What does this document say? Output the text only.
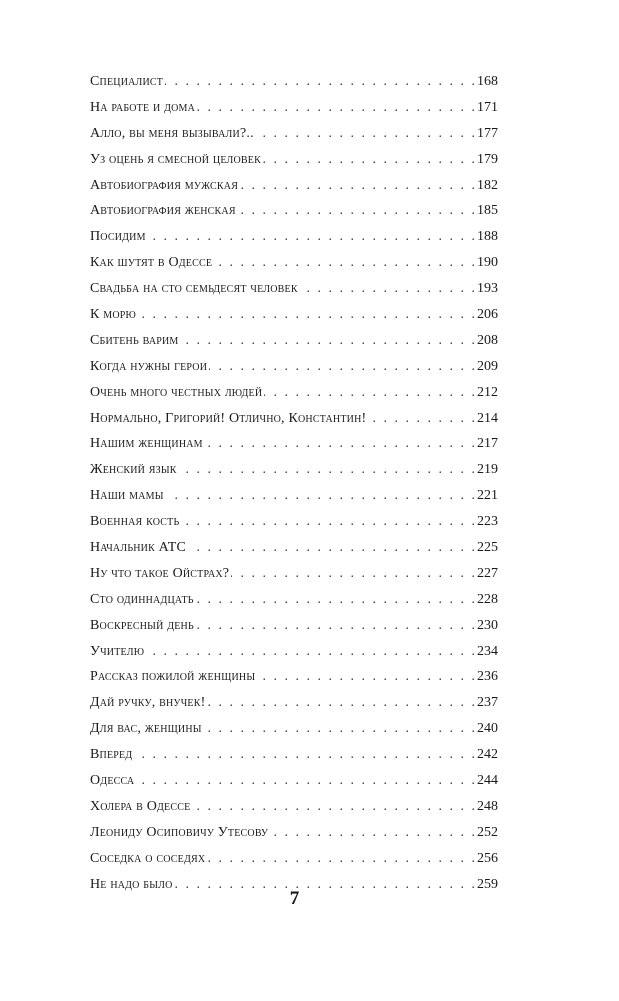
Специалист . . .	168
На работе и дома . . .	171
Алло, вы меня вызывали?.. . . .	177
Уз оцень я смесной целовек . . .	179
Автобиография мужская . . .	182
Автобиография женская . . .	185
Посидим . . .	188
Как шутят в Одессе . . .	190
Свадьба на сто семьдесят человек . . .	193
К морю . . .	206
Сбитень варим . . .	208
Когда нужны герои . . .	209
Очень много честных людей . . .	212
Нормально, Григорий! Отлично, Константин! . . .	214
Нашим женщинам . . .	217
Женский язык . . .	219
Наши мамы . . .	221
Военная кость . . .	223
Начальник АТС . . .	225
Ну что такое Ойстрах? . . .	227
Сто одиннадцать . . .	228
Воскресный день . . .	230
Учителю . . .	234
Рассказ пожилой женщины . . .	236
Дай ручку, внучек! . . .	237
Для вас, женщины . . .	240
Вперед . . .	242
Одесса . . .	244
Холера в Одессе . . .	248
Леониду Осиповичу Утесову . . .	252
Соседка о соседях . . .	256
Не надо было . . .	259
7
